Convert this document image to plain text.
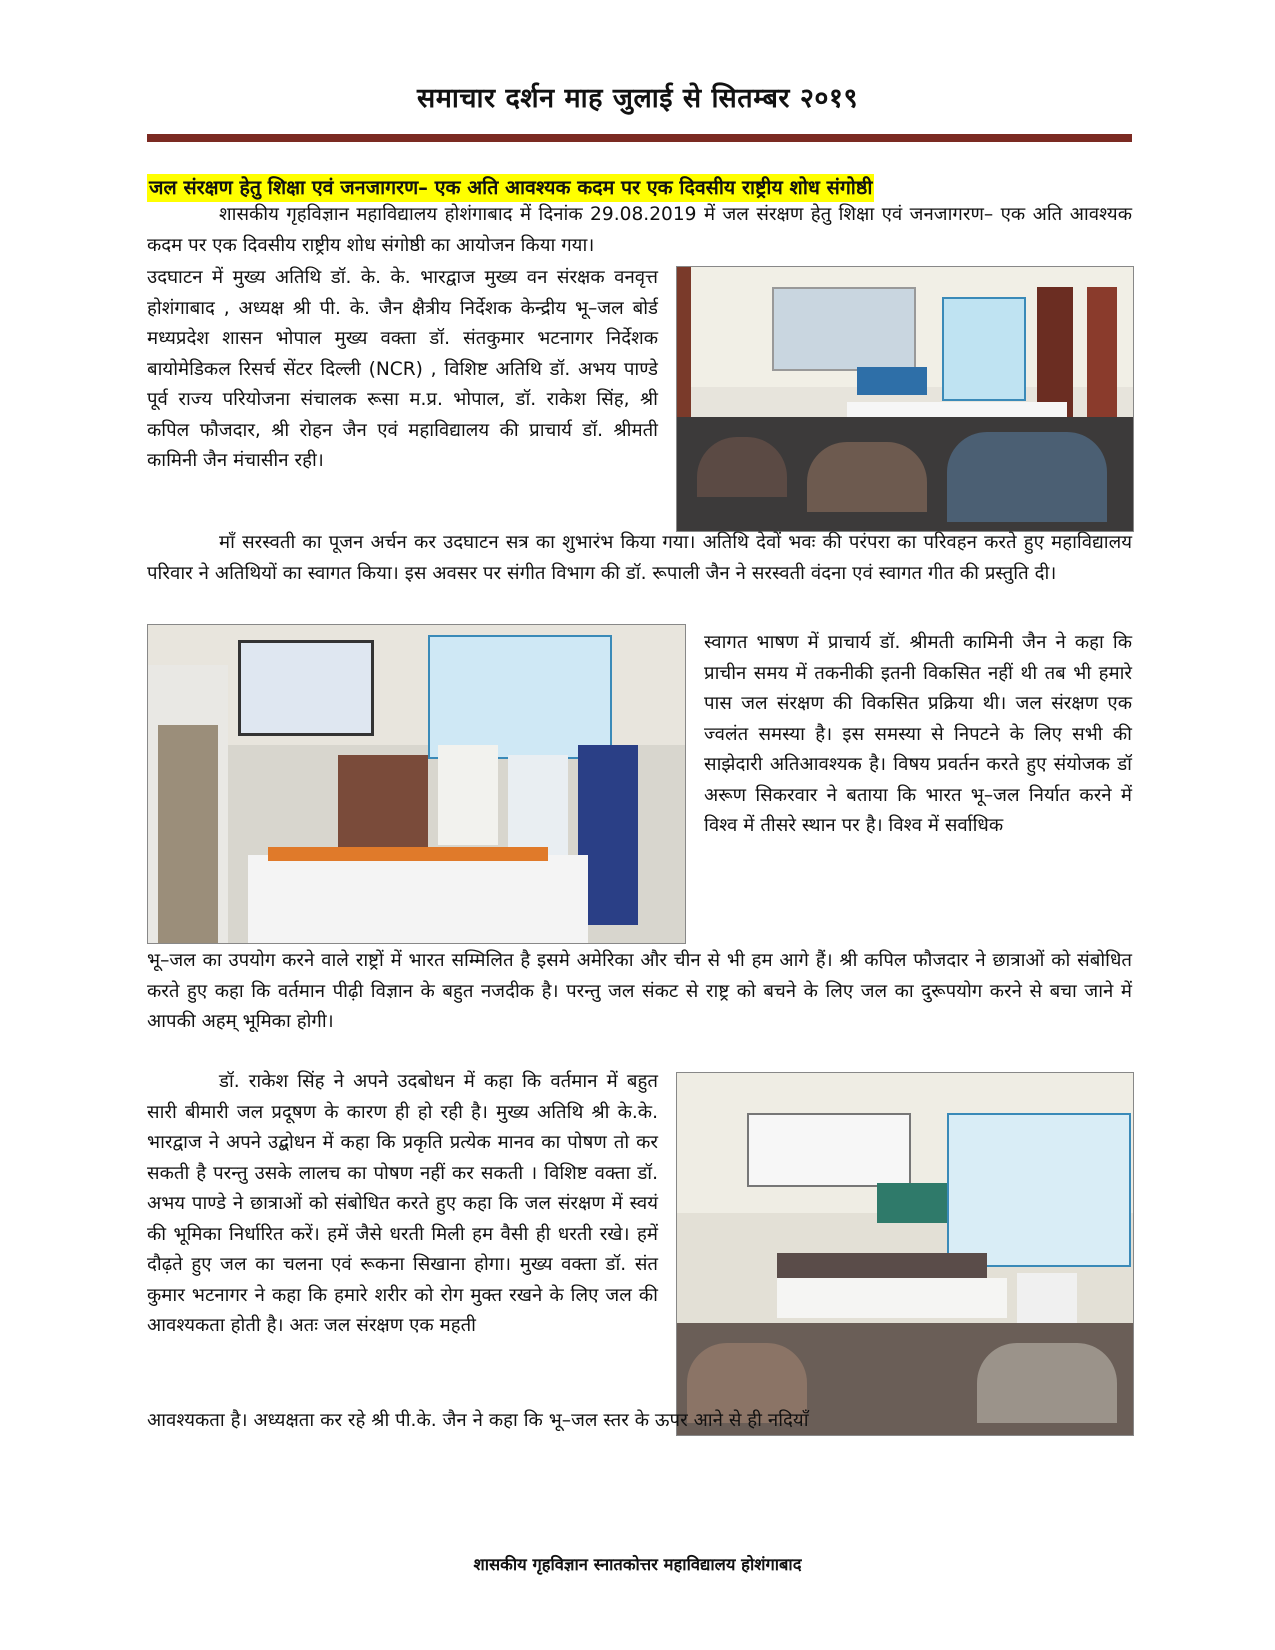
समाचार दर्शन माह जुलाई से सितम्बर २०१९
जल संरक्षण हेतु शिक्षा एवं जनजागरण– एक अति आवश्यक कदम पर एक दिवसीय राष्ट्रीय शोध संगोष्ठी

शासकीय गृहविज्ञान महाविद्यालय होशंगाबाद में दिनांक 29.08.2019 में जल संरक्षण हेतु शिक्षा एवं जनजागरण– एक अति आवश्यक कदम पर एक दिवसीय राष्ट्रीय शोध संगोष्ठी का आयोजन किया गया।

उदघाटन में मुख्य अतिथि डॉ. के. के. भारद्वाज मुख्य वन संरक्षक वनवृत्त होशंगाबाद , अध्यक्ष श्री पी. के. जैन क्षैत्रीय निर्देशक केन्द्रीय भू–जल बोर्ड मध्यप्रदेश शासन भोपाल मुख्य वक्ता डॉ. संतकुमार भटनागर निर्देशक बायोमेडिकल रिसर्च सेंटर दिल्ली (NCR) , विशिष्ट अतिथि डॉ. अभय पाण्डे पूर्व राज्य परियोजना संचालक रूसा म.प्र. भोपाल, डॉ. राकेश सिंह, श्री कपिल फौजदार, श्री रोहन जैन एवं महाविद्यालय की प्राचार्य डॉ. श्रीमती कामिनी जैन मंचासीन रही।

माँ सरस्वती का पूजन अर्चन कर उदघाटन सत्र का शुभारंभ किया गया। अतिथि देवों भवः की परंपरा का परिवहन करते हुए महाविद्यालय परिवार ने अतिथियों का स्वागत किया। इस अवसर पर संगीत विभाग की डॉ. रूपाली जैन ने सरस्वती वंदना एवं स्वागत गीत की प्रस्तुति दी।

स्वागत भाषण में प्राचार्य डॉ. श्रीमती कामिनी जैन ने कहा कि प्राचीन समय में तकनीकी इतनी विकसित नहीं थी तब भी हमारे पास जल संरक्षण की विकसित प्रक्रिया थी। जल संरक्षण एक ज्वलंत समस्या है। इस समस्या से निपटने के लिए सभी की साझेदारी अतिआवश्यक है। विषय प्रवर्तन करते हुए संयोजक डॉ अरूण सिकरवार ने बताया कि भारत भू–जल निर्यात करने में विश्व में तीसरे स्थान पर है। विश्व में सर्वाधिक

भू–जल का उपयोग करने वाले राष्ट्रों में भारत सम्मिलित है इसमे अमेरिका और चीन से भी हम आगे हैं। श्री कपिल फौजदार ने छात्राओं को संबोधित करते हुए कहा कि वर्तमान पीढ़ी विज्ञान के बहुत नजदीक है। परन्तु जल संकट से राष्ट्र को बचने के लिए जल का दुरूपयोग करने से बचा जाने में आपकी अहम् भूमिका होगी।

डॉ. राकेश सिंह ने अपने उदबोधन में कहा कि वर्तमान में बहुत सारी बीमारी जल प्रदूषण के कारण ही हो रही है। मुख्य अतिथि श्री के.के. भारद्वाज ने अपने उद्बोधन में कहा कि प्रकृति प्रत्येक मानव का पोषण तो कर सकती है परन्तु उसके लालच का पोषण नहीं कर सकती । विशिष्ट वक्ता डॉ. अभय पाण्डे ने छात्राओं को संबोधित करते हुए कहा कि जल संरक्षण में स्वयं की भूमिका निर्धारित करें। हमें जैसे धरती मिली हम वैसी ही धरती रखे। हमें दौढ़ते हुए जल का चलना एवं रूकना सिखाना होगा। मुख्य वक्ता डॉ. संत कुमार भटनागर ने कहा कि हमारे शरीर को रोग मुक्त रखने के लिए जल की आवश्यकता होती है। अतः जल संरक्षण एक महती

आवश्यकता है। अध्यक्षता कर रहे श्री पी.के. जैन ने कहा कि भू–जल स्तर के ऊपर आने से ही नदियाँ

शासकीय गृहविज्ञान स्नातकोत्तर महाविद्यालय होशंगाबाद
